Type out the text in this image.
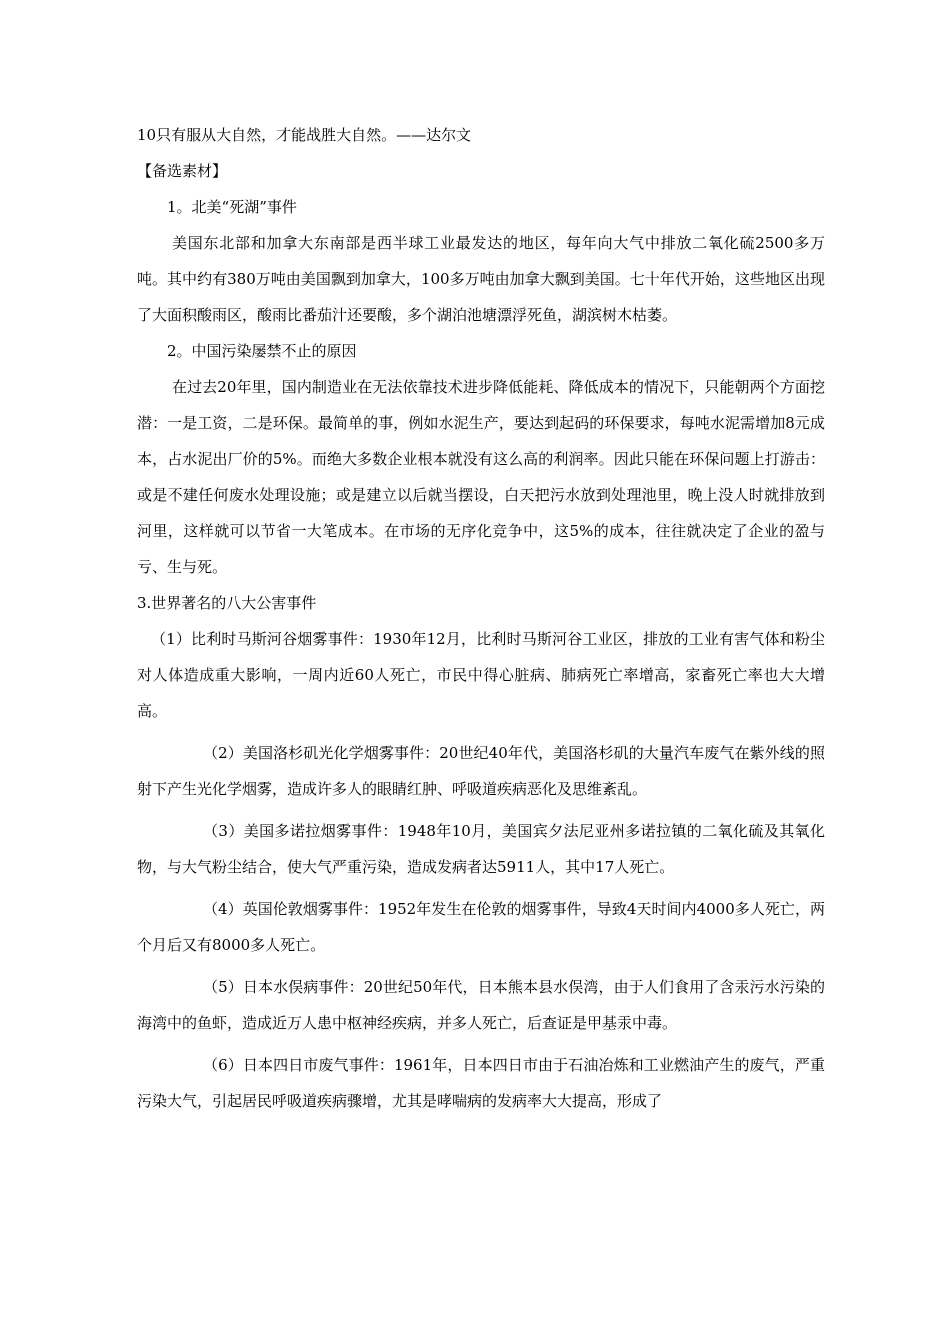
10只有服从大自然，才能战胜大自然。——达尔文
【备选素材】
1。北美“死湖”事件

美国东北部和加拿大东南部是西半球工业最发达的地区，每年向大气中排放二氧化硫2500多万吨。其中约有380万吨由美国飘到加拿大，100多万吨由加拿大飘到美国。七十年代开始，这些地区出现了大面积酸雨区，酸雨比番茄汁还要酸，多个湖泊池塘漂浮死鱼，湖滨树木枯萎。

2。中国污染屡禁不止的原因

在过去20年里，国内制造业在无法依靠技术进步降低能耗、降低成本的情况下，只能朝两个方面挖潜：一是工资，二是环保。最简单的事，例如水泥生产，要达到起码的环保要求，每吨水泥需增加8元成本，占水泥出厂价的5%。而绝大多数企业根本就没有这么高的利润率。因此只能在环保问题上打游击：或是不建任何废水处理设施；或是建立以后就当摆设，白天把污水放到处理池里，晚上没人时就排放到河里，这样就可以节省一大笔成本。在市场的无序化竞争中，这5%的成本，往往就决定了企业的盈与亏、生与死。

3.世界著名的八大公害事件

（1）比利时马斯河谷烟雾事件：1930年12月，比利时马斯河谷工业区，排放的工业有害气体和粉尘对人体造成重大影响，一周内近60人死亡，市民中得心脏病、肺病死亡率增高，家畜死亡率也大大增高。

（2）美国洛杉矶光化学烟雾事件：20世纪40年代，美国洛杉矶的大量汽车废气在紫外线的照射下产生光化学烟雾，造成许多人的眼睛红肿、呼吸道疾病恶化及思维紊乱。

（3）美国多诺拉烟雾事件：1948年10月，美国宾夕法尼亚州多诺拉镇的二氧化硫及其氧化物，与大气粉尘结合，使大气严重污染，造成发病者达5911人，其中17人死亡。

（4）英国伦敦烟雾事件：1952年发生在伦敦的烟雾事件，导致4天时间内4000多人死亡，两个月后又有8000多人死亡。

（5）日本水俣病事件：20世纪50年代，日本熊本县水俣湾，由于人们食用了含汞污水污染的海湾中的鱼虾，造成近万人患中枢神经疾病，并多人死亡，后查证是甲基汞中毒。

（6）日本四日市废气事件：1961年，日本四日市由于石油冶炼和工业燃油产生的废气，严重污染大气，引起居民呼吸道疾病骤增，尤其是哮喘病的发病率大大提高，形成了
